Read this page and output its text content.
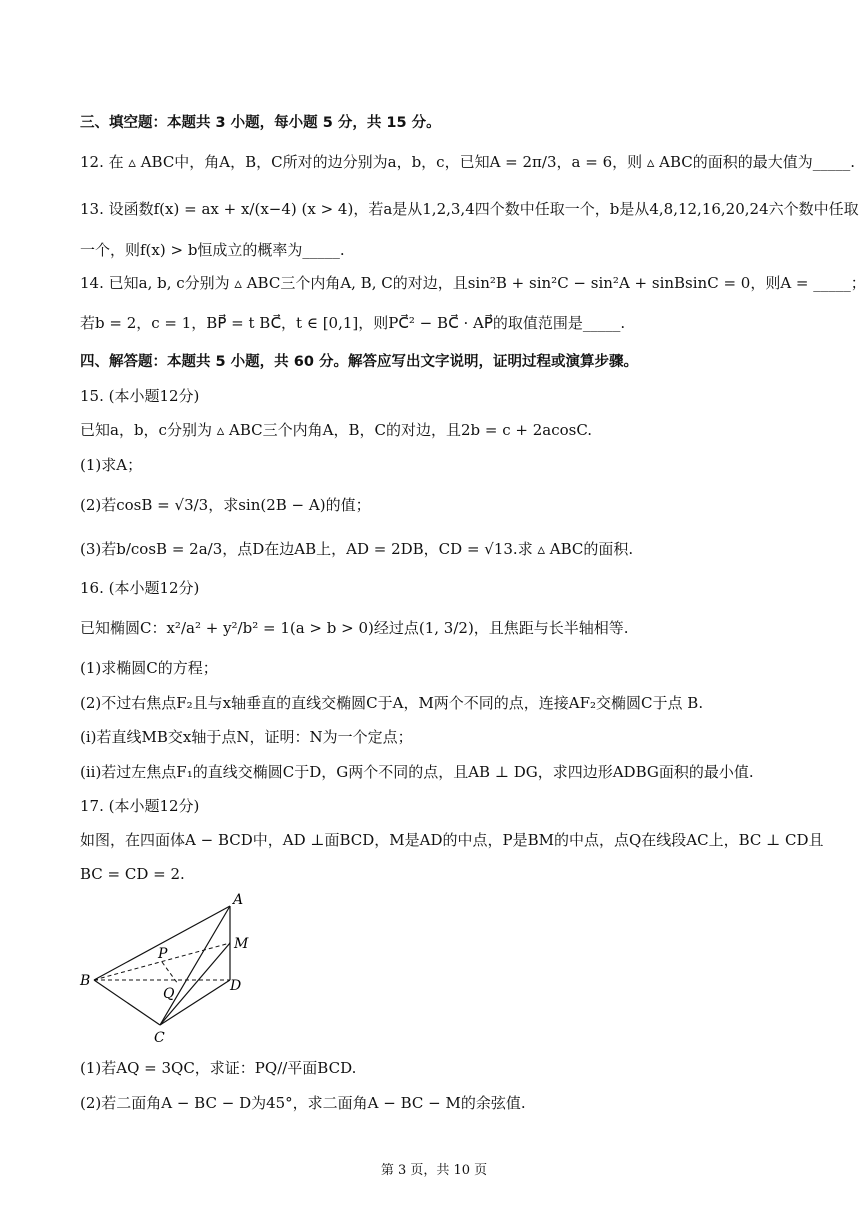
三、填空题：本题共 3 小题，每小题 5 分，共 15 分。
12. 在 ▵ ABC中，角A，B，C所对的边分别为a，b，c，已知A = 2π/3，a = 6，则 ▵ ABC的面积的最大值为_____.
13. 设函数f(x) = ax + x/(x−4) (x > 4)，若a是从1,2,3,4四个数中任取一个，b是从4,8,12,16,20,24六个数中任取
一个，则f(x) > b恒成立的概率为_____.
14. 已知a, b, c分别为 ▵ ABC三个内角A, B, C的对边，且sin²B + sin²C − sin²A + sinBsinC = 0，则A = _____；
若b = 2，c = 1，BP⃗ = t BC⃗，t ∈ [0,1]，则PC⃗² − BC⃗ · AP⃗的取值范围是_____.
四、解答题：本题共 5 小题，共 60 分。解答应写出文字说明，证明过程或演算步骤。
15. (本小题12分)
已知a，b，c分别为 ▵ ABC三个内角A，B，C的对边，且2b = c + 2acosC.
(1)求A；
(2)若cosB = √3/3，求sin(2B − A)的值；
(3)若b/cosB = 2a/3，点D在边AB上，AD = 2DB，CD = √13.求 ▵ ABC的面积.
16. (本小题12分)
已知椭圆C：x²/a² + y²/b² = 1(a > b > 0)经过点(1, 3/2)，且焦距与长半轴相等.
(1)求椭圆C的方程；
(2)不过右焦点F₂且与x轴垂直的直线交椭圆C于A，M两个不同的点，连接AF₂交椭圆C于点 B.
(i)若直线MB交x轴于点N，证明：N为一个定点；
(ii)若过左焦点F₁的直线交椭圆C于D，G两个不同的点，且AB ⊥ DG，求四边形ADBG面积的最小值.
17. (本小题12分)
如图，在四面体A − BCD中，AD ⊥面BCD，M是AD的中点，P是BM的中点，点Q在线段AC上，BC ⊥ CD且
BC = CD = 2.
A
M
P
B
Q	D
C
(1)若AQ = 3QC，求证：PQ//平面BCD.
(2)若二面角A − BC − D为45°，求二面角A − BC − M的余弦值.
第 3 页，共 10 页
